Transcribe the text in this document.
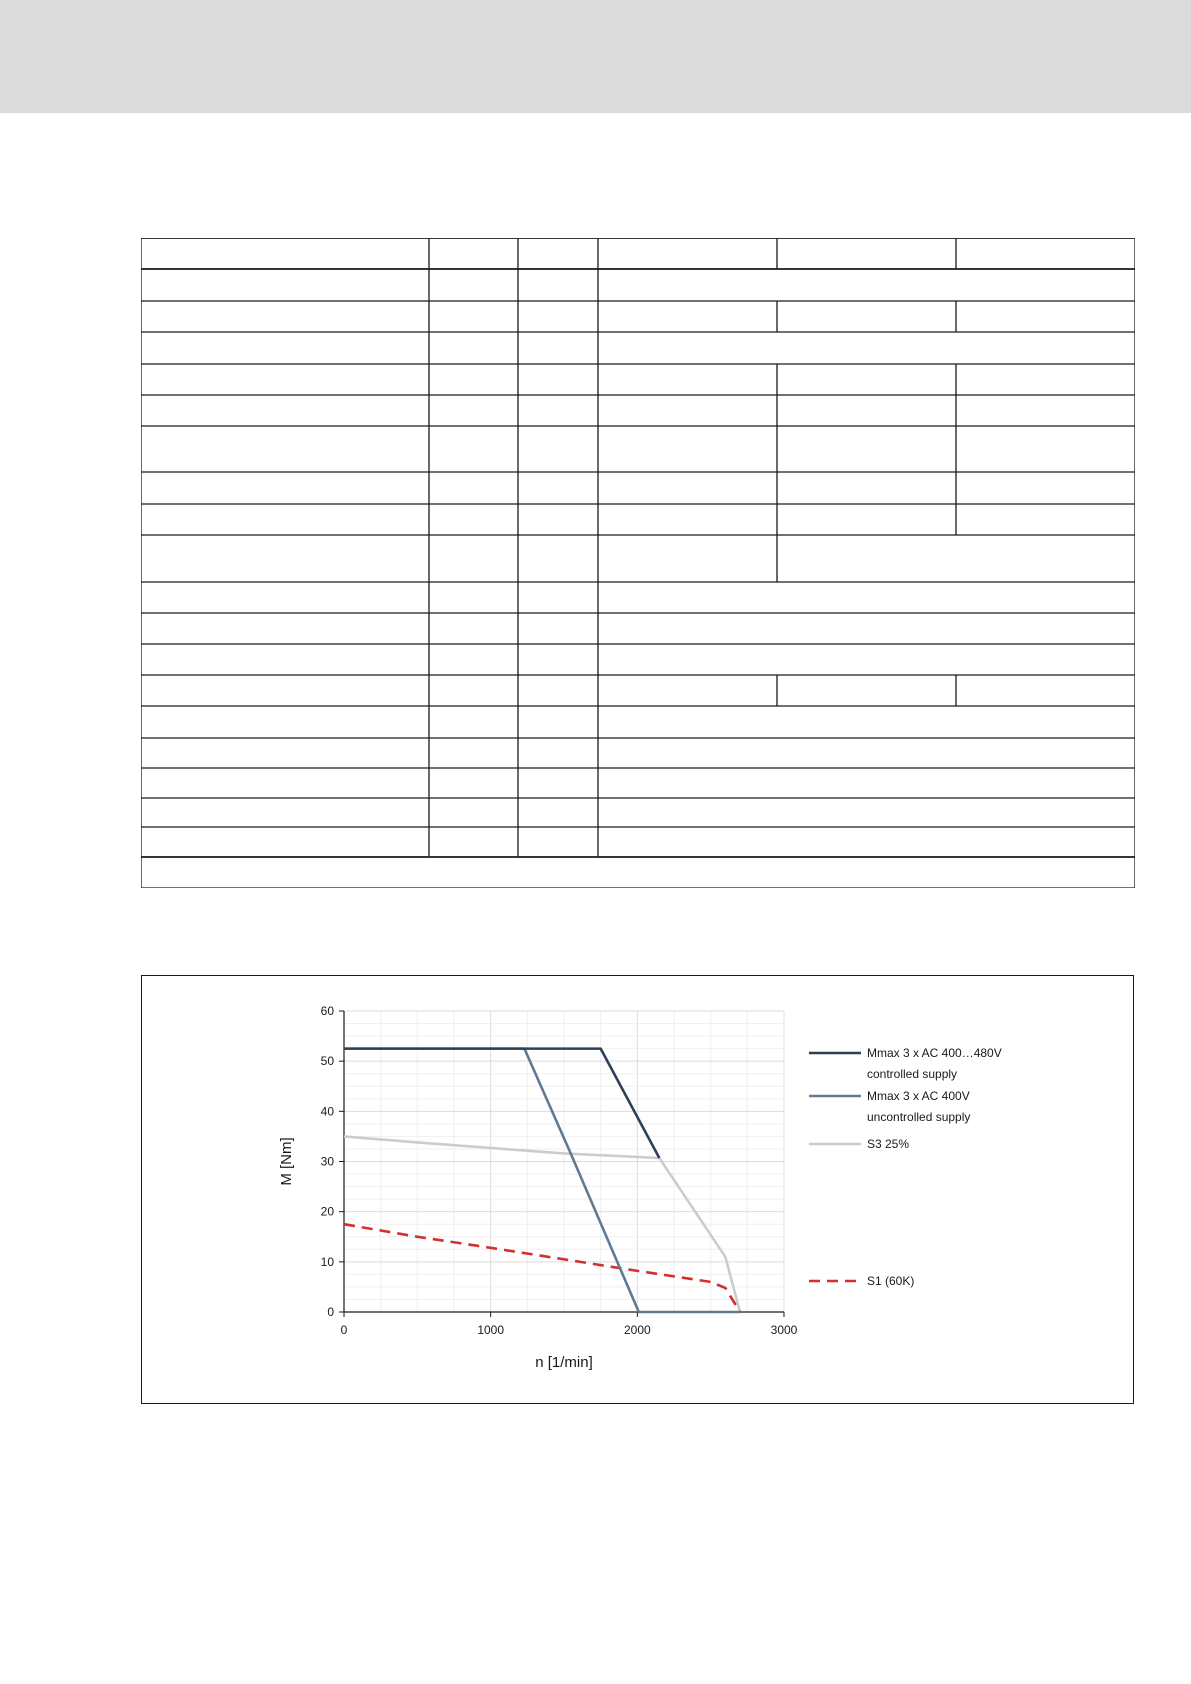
0	1000	2000	3000
0
10
20
30
40
50
60
Mmax 3 x AC 400…480V
controlled supply
Mmax 3 x AC 400V
uncontrolled supply
S3 25%
S1 (60K)
n [1/min]
M [Nm]
